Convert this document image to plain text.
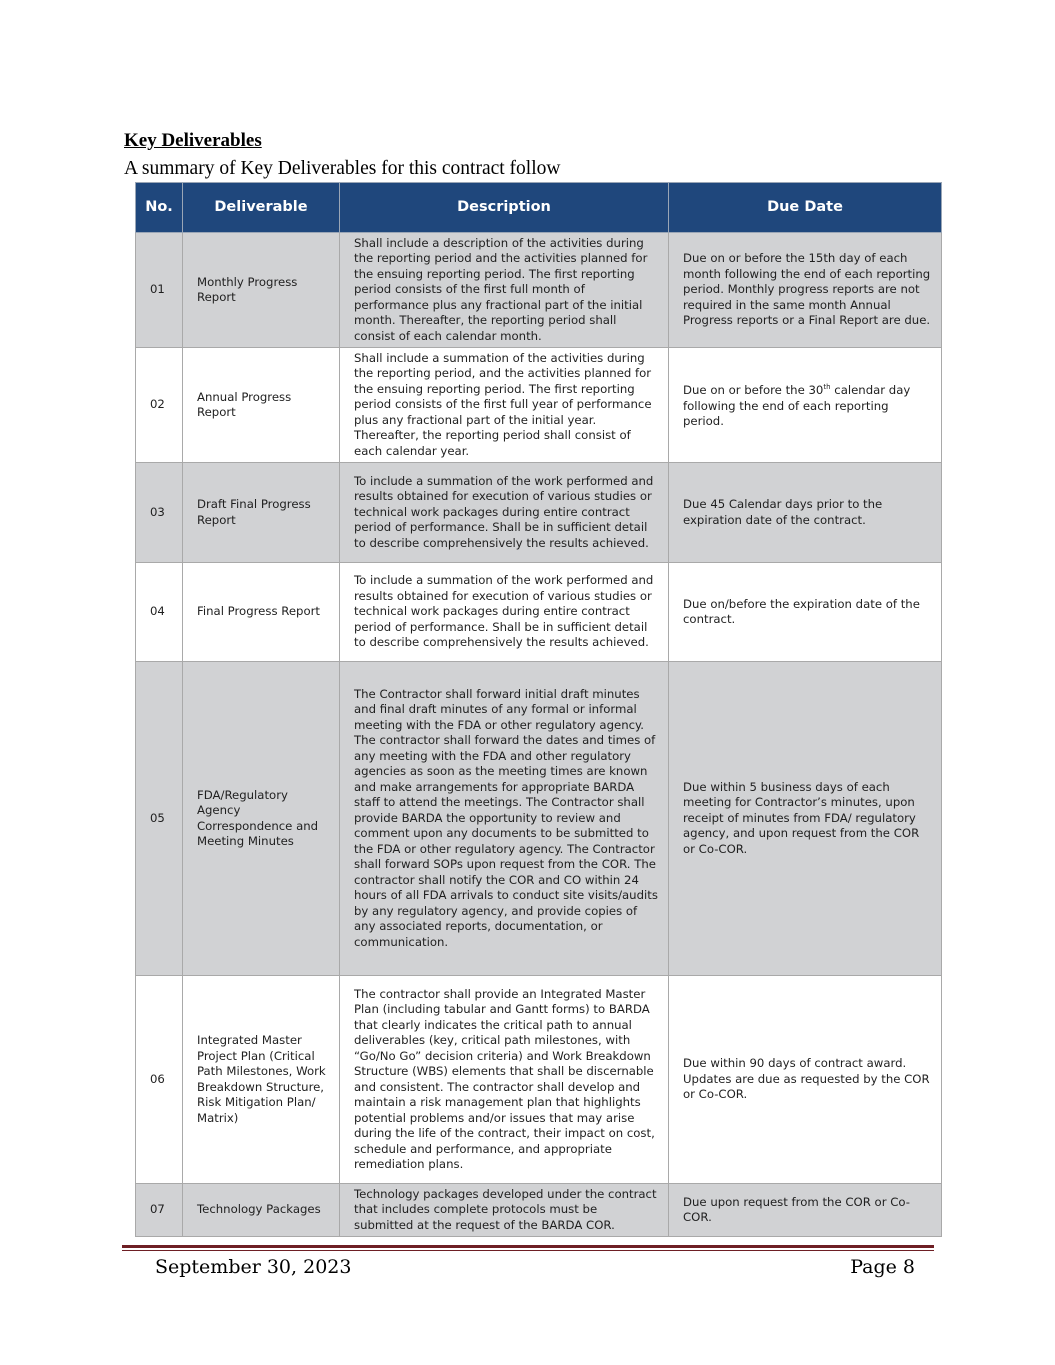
Key Deliverables
A summary of Key Deliverables for this contract follow
No.	Deliverable	Description	Due Date
01	Monthly Progress Report	Shall include a description of the activities during the reporting period and the activities planned for the ensuing reporting period. The first reporting period consists of the first full month of performance plus any fractional part of the initial month. Thereafter, the reporting period shall consist of each calendar month.	Due on or before the 15th day of each month following the end of each reporting period. Monthly progress reports are not required in the same month Annual Progress reports or a Final Report are due.
02	Annual Progress Report	Shall include a summation of the activities during the reporting period, and the activities planned for the ensuing reporting period. The first reporting period consists of the first full year of performance plus any fractional part of the initial year. Thereafter, the reporting period shall consist of each calendar year.	Due on or before the 30th calendar day following the end of each reporting period.
03	Draft Final Progress Report	To include a summation of the work performed and results obtained for execution of various studies or technical work packages during entire contract period of performance. Shall be in sufficient detail to describe comprehensively the results achieved.	Due 45 Calendar days prior to the expiration date of the contract.
04	Final Progress Report	To include a summation of the work performed and results obtained for execution of various studies or technical work packages during entire contract period of performance. Shall be in sufficient detail to describe comprehensively the results achieved.	Due on/before the expiration date of the contract.
05	FDA/Regulatory Agency Correspondence and Meeting Minutes	The Contractor shall forward initial draft minutes and final draft minutes of any formal or informal meeting with the FDA or other regulatory agency. The contractor shall forward the dates and times of any meeting with the FDA and other regulatory agencies as soon as the meeting times are known and make arrangements for appropriate BARDA staff to attend the meetings. The Contractor shall provide BARDA the opportunity to review and comment upon any documents to be submitted to the FDA or other regulatory agency. The Contractor shall forward SOPs upon request from the COR. The contractor shall notify the COR and CO within 24 hours of all FDA arrivals to conduct site visits/audits by any regulatory agency, and provide copies of any associated reports, documentation, or communication.	Due within 5 business days of each meeting for Contractor’s minutes, upon receipt of minutes from FDA/ regulatory agency, and upon request from the COR or Co-COR.
06	Integrated Master Project Plan (Critical Path Milestones, Work Breakdown Structure, Risk Mitigation Plan/ Matrix)	The contractor shall provide an Integrated Master Plan (including tabular and Gantt forms) to BARDA that clearly indicates the critical path to annual deliverables (key, critical path milestones, with “Go/No Go” decision criteria) and Work Breakdown Structure (WBS) elements that shall be discernable and consistent. The contractor shall develop and maintain a risk management plan that highlights potential problems and/or issues that may arise during the life of the contract, their impact on cost, schedule and performance, and appropriate remediation plans.	Due within 90 days of contract award. Updates are due as requested by the COR or Co-COR.
07	Technology Packages	Technology packages developed under the contract that includes complete protocols must be submitted at the request of the BARDA COR.	Due upon request from the COR or Co-COR.
September 30, 2023	Page 8
